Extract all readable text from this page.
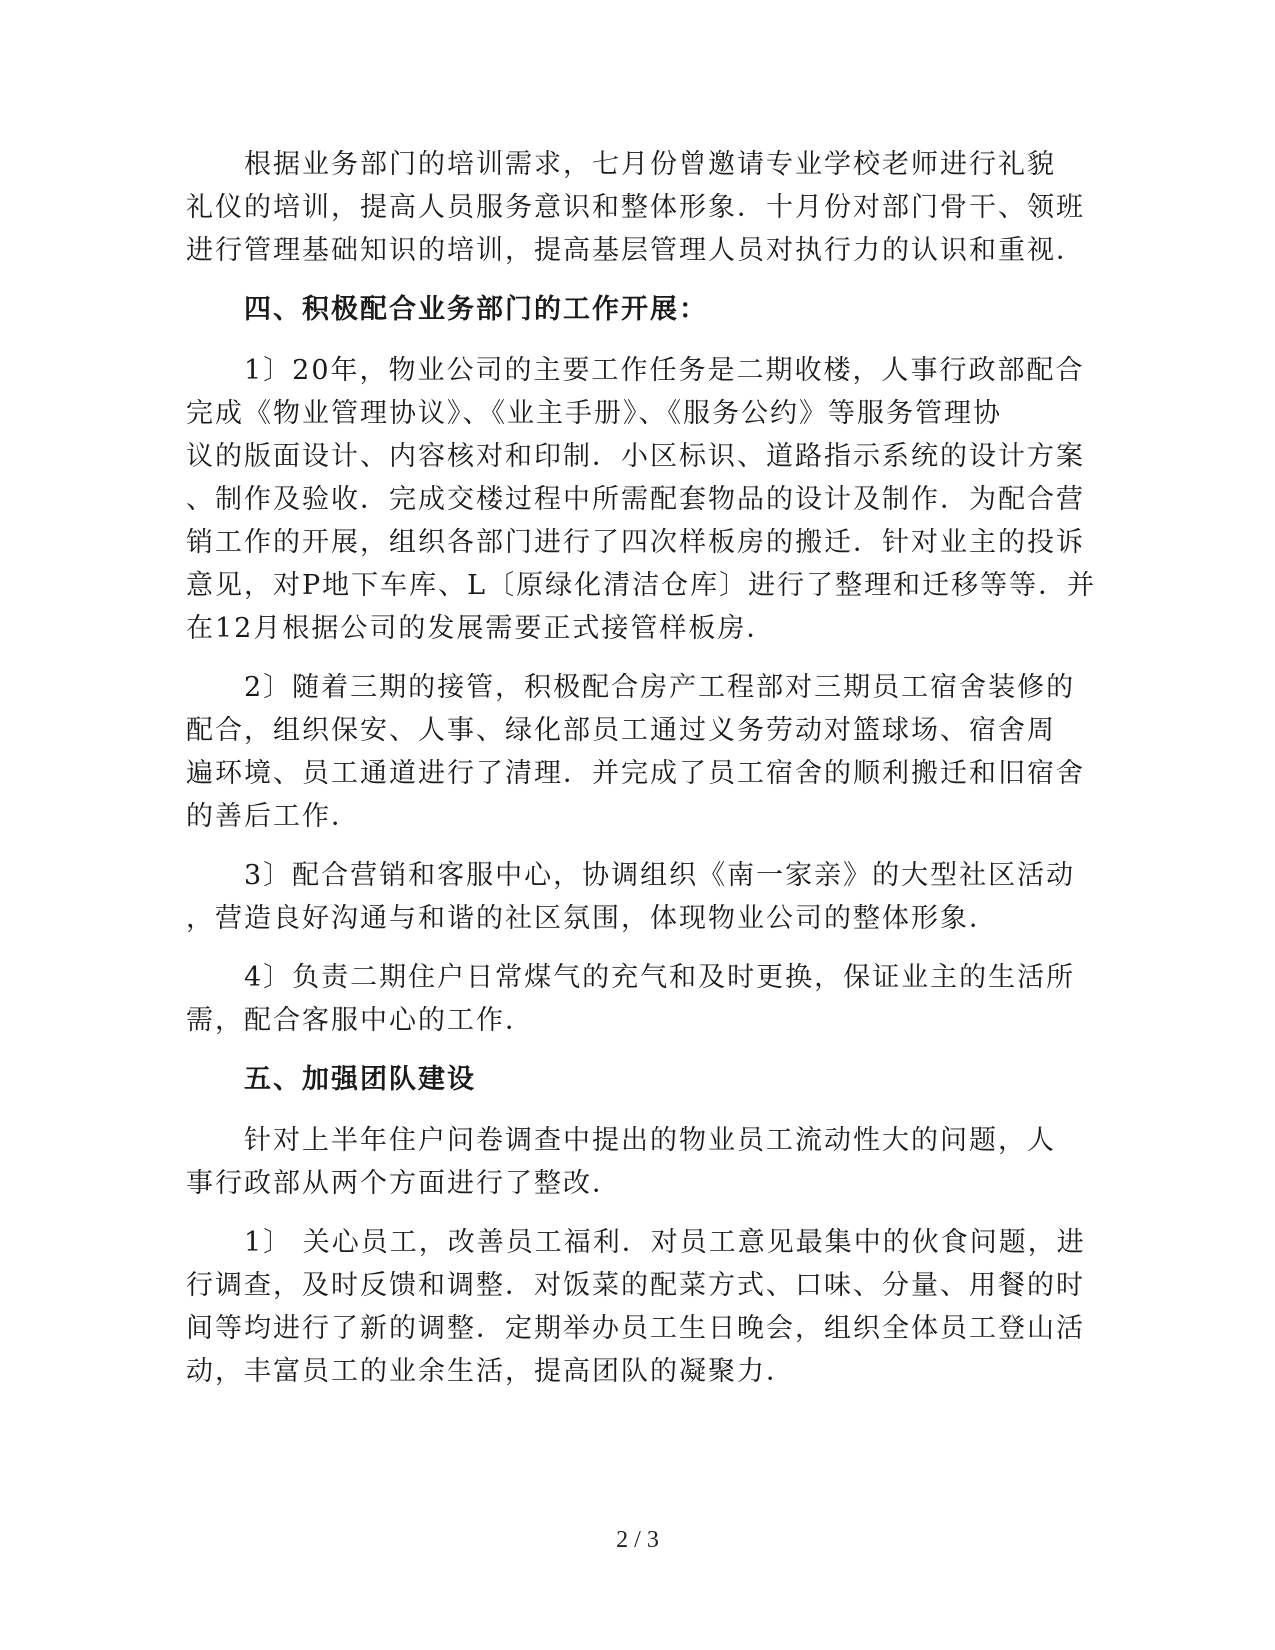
根据业务部门的培训需求，七月份曾邀请专业学校老师进行礼貌
礼仪的培训，提高人员服务意识和整体形象．十月份对部门骨干、领班
进行管理基础知识的培训，提高基层管理人员对执行力的认识和重视．
四、积极配合业务部门的工作开展：
1〕20年，物业公司的主要工作任务是二期收楼，人事行政部配合
完成《物业管理协议》、《业主手册》、《服务公约》等服务管理协
议的版面设计、内容核对和印制．小区标识、道路指示系统的设计方案
、制作及验收．完成交楼过程中所需配套物品的设计及制作．为配合营
销工作的开展，组织各部门进行了四次样板房的搬迁．针对业主的投诉
意见，对P地下车库、L〔原绿化清洁仓库〕进行了整理和迁移等等．并
在12月根据公司的发展需要正式接管样板房．
2〕随着三期的接管，积极配合房产工程部对三期员工宿舍装修的
配合，组织保安、人事、绿化部员工通过义务劳动对篮球场、宿舍周
遍环境、员工通道进行了清理．并完成了员工宿舍的顺利搬迁和旧宿舍
的善后工作．
3〕配合营销和客服中心，协调组织《南一家亲》的大型社区活动
，营造良好沟通与和谐的社区氛围，体现物业公司的整体形象．
4〕负责二期住户日常煤气的充气和及时更换，保证业主的生活所
需，配合客服中心的工作．
五、加强团队建设
针对上半年住户问卷调查中提出的物业员工流动性大的问题，人
事行政部从两个方面进行了整改．
1〕 关心员工，改善员工福利．对员工意见最集中的伙食问题，进
行调查，及时反馈和调整．对饭菜的配菜方式、口味、分量、用餐的时
间等均进行了新的调整．定期举办员工生日晚会，组织全体员工登山活
动，丰富员工的业余生活，提高团队的凝聚力．
2 / 3
